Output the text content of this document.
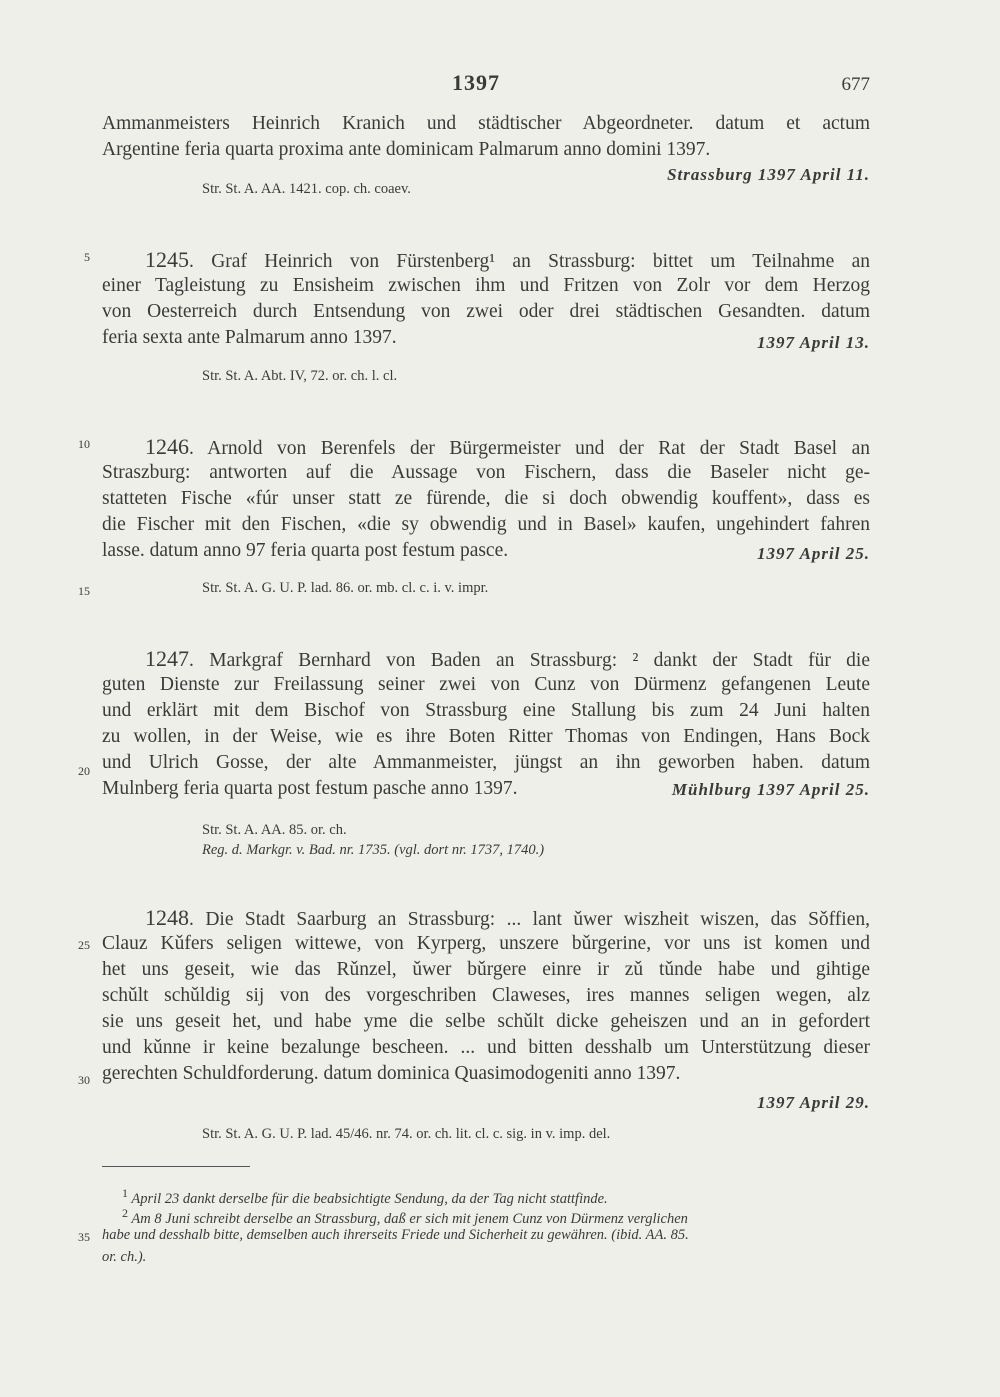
1397	677
5
10
15
20
25
30
35
Ammanmeisters Heinrich Kranich und städtischer Abgeordneter. datum et actum
Argentine feria quarta proxima ante dominicam Palmarum anno domini 1397.
Strassburg 1397 April 11.
Str. St. A. AA. 1421. cop. ch. coaev.
1245. Graf Heinrich von Fürstenberg¹ an Strassburg: bittet um Teilnahme an
einer Tagleistung zu Ensisheim zwischen ihm und Fritzen von Zolr vor dem Herzog
von Oesterreich durch Entsendung von zwei oder drei städtischen Gesandten. datum
feria sexta ante Palmarum anno 1397.	1397 April 13.
Str. St. A. Abt. IV, 72. or. ch. l. cl.
1246. Arnold von Berenfels der Bürgermeister und der Rat der Stadt Basel an
Straszburg: antworten auf die Aussage von Fischern, dass die Baseler nicht ge-
statteten Fische «fúr unser statt ze fürende, die si doch obwendig kouffent», dass es
die Fischer mit den Fischen, «die sy obwendig und in Basel» kaufen, ungehindert fahren
lasse. datum anno 97 feria quarta post festum pasce.	1397 April 25.
Str. St. A. G. U. P. lad. 86. or. mb. cl. c. i. v. impr.
1247. Markgraf Bernhard von Baden an Strassburg: ² dankt der Stadt für die
guten Dienste zur Freilassung seiner zwei von Cunz von Dürmenz gefangenen Leute
und erklärt mit dem Bischof von Strassburg eine Stallung bis zum 24 Juni halten
zu wollen, in der Weise, wie es ihre Boten Ritter Thomas von Endingen, Hans Bock
und Ulrich Gosse, der alte Ammanmeister, jüngst an ihn geworben haben. datum
Mulnberg feria quarta post festum pasche anno 1397.	Mühlburg 1397 April 25.
Str. St. A. AA. 85. or. ch.
Reg. d. Markgr. v. Bad. nr. 1735. (vgl. dort nr. 1737, 1740.)
1248. Die Stadt Saarburg an Strassburg: ... lant ǔwer wiszheit wiszen, das Sǒffien,
Clauz Kǔfers seligen wittewe, von Kyrperg, unszere bǔrgerine, vor uns ist komen und
het uns geseit, wie das Rǔnzel, ǔwer bǔrgere einre ir zǔ tǔnde habe und gihtige
schǔlt schǔldig sij von des vorgeschriben Claweses, ires mannes seligen wegen, alz
sie uns geseit het, und habe yme die selbe schǔlt dicke geheiszen und an in gefordert
und kǔnne ir keine bezalunge bescheen. ... und bitten desshalb um Unterstützung dieser
gerechten Schuldforderung. datum dominica Quasimodogeniti anno 1397.
1397 April 29.
Str. St. A. G. U. P. lad. 45/46. nr. 74. or. ch. lit. cl. c. sig. in v. imp. del.
$^1$ April 23 dankt derselbe für die beabsichtigte Sendung, da der Tag nicht stattfinde.
$^2$ Am 8 Juni schreibt derselbe an Strassburg, daß er sich mit jenem Cunz von Dürmenz verglichen
habe und desshalb bitte, demselben auch ihrerseits Friede und Sicherheit zu gewähren. (ibid. AA. 85.
or. ch.).
